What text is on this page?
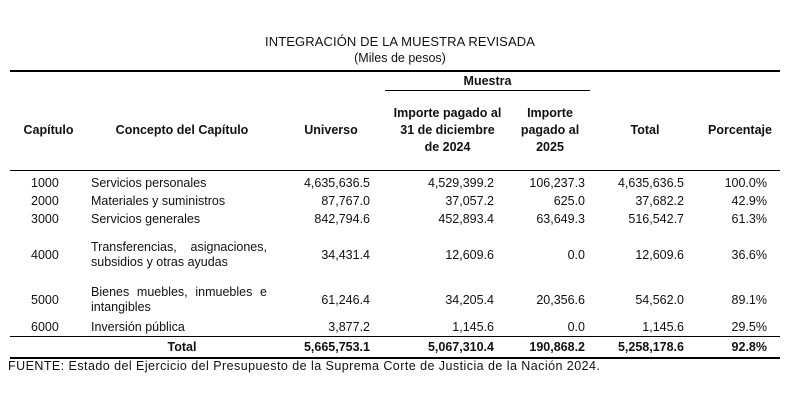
INTEGRACIÓN DE LA MUESTRA REVISADA
(Miles de pesos)
			Muestra			
Capítulo	Concepto del Capítulo	Universo	Importe pagado al 31 de diciembre de 2024	Importe pagado al 2025	Total	Porcentaje
1000	Servicios personales	4,635,636.5	4,529,399.2	106,237.3	4,635,636.5	100.0%
2000	Materiales y suministros	87,767.0	37,057.2	625.0	37,682.2	42.9%
3000	Servicios generales	842,794.6	452,893.4	63,649.3	516,542.7	61.3%
4000	Transferencias, asignaciones, subsidios y otras ayudas	34,431.4	12,609.6	0.0	12,609.6	36.6%
5000	Bienes muebles, inmuebles e intangibles	61,246.4	34,205.4	20,356.6	54,562.0	89.1%
6000	Inversión pública	3,877.2	1,145.6	0.0	1,145.6	29.5%
	Total	5,665,753.1	5,067,310.4	190,868.2	5,258,178.6	92.8%
FUENTE: Estado del Ejercicio del Presupuesto de la Suprema Corte de Justicia de la Nación 2024.
